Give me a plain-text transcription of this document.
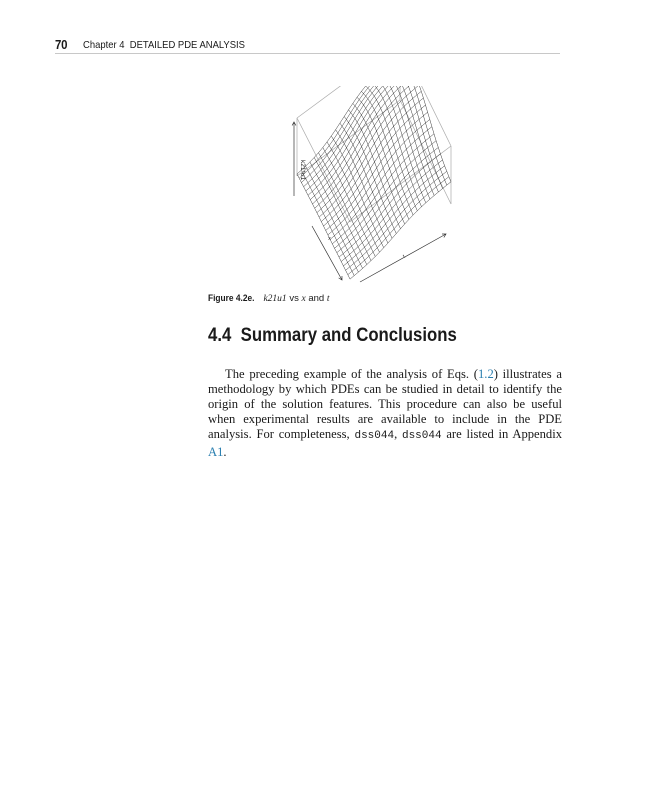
70 Chapter 4 DETAILED PDE ANALYSIS
k21*u1
x
t
Figure 4.2e. k21u1 vs x and t
4.4 Summary and Conclusions

The preceding example of the analysis of Eqs. (1.2) illustrates a methodology by which PDEs can be studied in detail to identify the origin of the solution features. This procedure can also be useful when experimental results are available to include in the PDE analysis. For completeness, dss044, dss044 are listed in Appendix A1.
